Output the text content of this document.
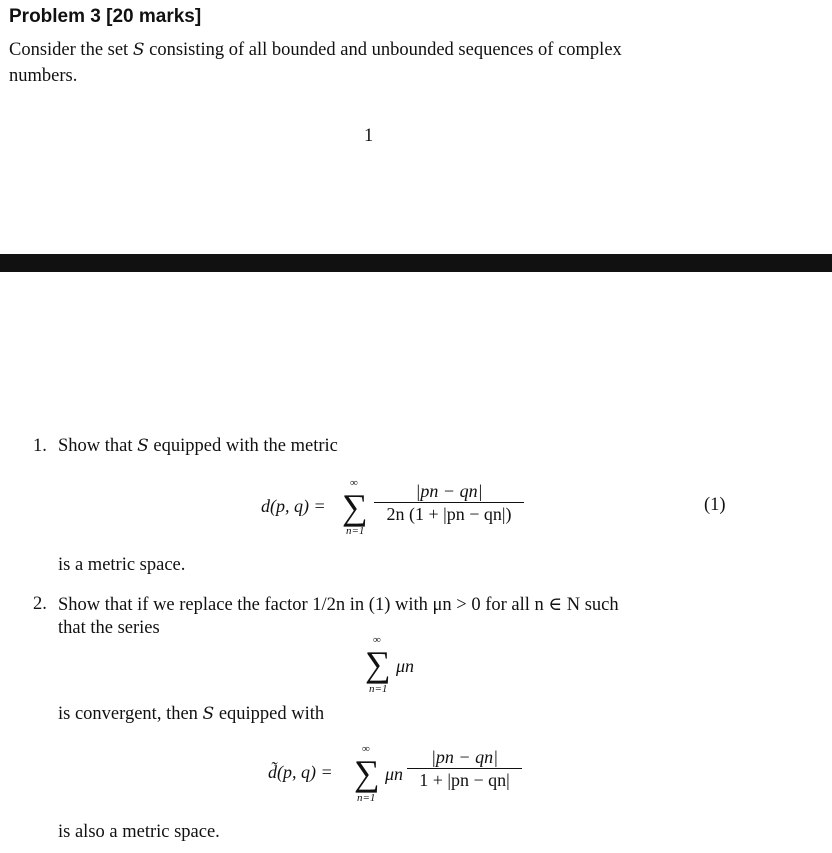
Problem 3 [20 marks]
Consider the set S consisting of all bounded and unbounded sequences of complex
numbers.
1
1. Show that S equipped with the metric
d(p, q) =
∞
∑
n=1
|pn − qn|
2n (1 + |pn − qn|)	(1)
is a metric space.
2. Show that if we replace the factor 1/2n in (1) with μn > 0 for all n ∈ N such
that the series
∞
∑
n=1
μn
is convergent, then S equipped with
d̃(p, q) =
∞
∑
n=1
μn
|pn − qn|
1 + |pn − qn|
is also a metric space.
